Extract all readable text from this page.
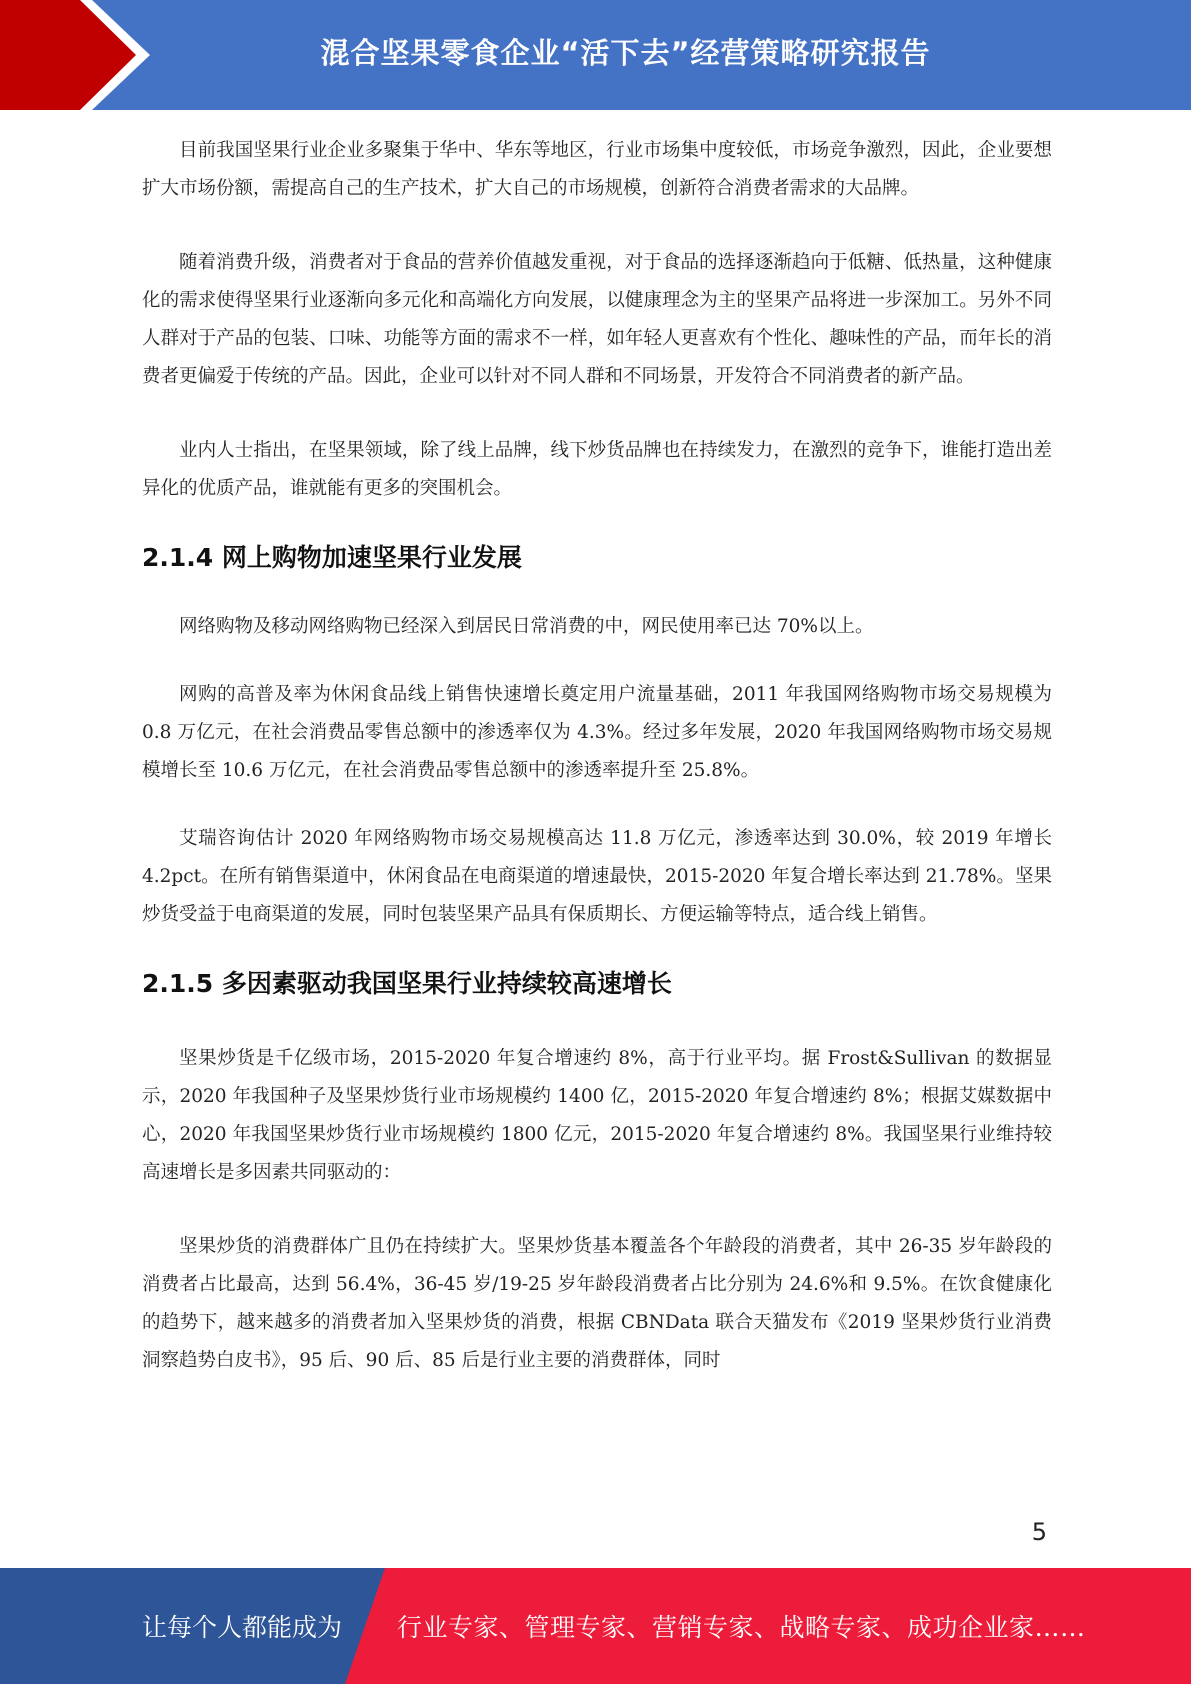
混合坚果零食企业“活下去”经营策略研究报告

目前我国坚果行业企业多聚集于华中、华东等地区，行业市场集中度较低，市场竞争激烈，因此，企业要想扩大市场份额，需提高自己的生产技术，扩大自己的市场规模，创新符合消费者需求的大品牌。

随着消费升级，消费者对于食品的营养价值越发重视，对于食品的选择逐渐趋向于低糖、低热量，这种健康化的需求使得坚果行业逐渐向多元化和高端化方向发展，以健康理念为主的坚果产品将进一步深加工。另外不同人群对于产品的包装、口味、功能等方面的需求不一样，如年轻人更喜欢有个性化、趣味性的产品，而年长的消费者更偏爱于传统的产品。因此，企业可以针对不同人群和不同场景，开发符合不同消费者的新产品。

业内人士指出，在坚果领域，除了线上品牌，线下炒货品牌也在持续发力，在激烈的竞争下，谁能打造出差异化的优质产品，谁就能有更多的突围机会。

2.1.4 网上购物加速坚果行业发展

网络购物及移动网络购物已经深入到居民日常消费的中，网民使用率已达 70%以上。

网购的高普及率为休闲食品线上销售快速增长奠定用户流量基础，2011 年我国网络购物市场交易规模为 0.8 万亿元，在社会消费品零售总额中的渗透率仅为 4.3%。经过多年发展，2020 年我国网络购物市场交易规模增长至 10.6 万亿元，在社会消费品零售总额中的渗透率提升至 25.8%。

艾瑞咨询估计 2020 年网络购物市场交易规模高达 11.8 万亿元，渗透率达到 30.0%，较 2019 年增长 4.2pct。在所有销售渠道中，休闲食品在电商渠道的增速最快，2015-2020 年复合增长率达到 21.78%。坚果炒货受益于电商渠道的发展，同时包装坚果产品具有保质期长、方便运输等特点，适合线上销售。

2.1.5 多因素驱动我国坚果行业持续较高速增长

坚果炒货是千亿级市场，2015-2020 年复合增速约 8%，高于行业平均。据 Frost&Sullivan 的数据显示，2020 年我国种子及坚果炒货行业市场规模约 1400 亿，2015-2020 年复合增速约 8%；根据艾媒数据中心，2020 年我国坚果炒货行业市场规模约 1800 亿元，2015-2020 年复合增速约 8%。我国坚果行业维持较高速增长是多因素共同驱动的：

坚果炒货的消费群体广且仍在持续扩大。坚果炒货基本覆盖各个年龄段的消费者，其中 26-35 岁年龄段的消费者占比最高，达到 56.4%，36-45 岁/19-25 岁年龄段消费者占比分别为 24.6%和 9.5%。在饮食健康化的趋势下，越来越多的消费者加入坚果炒货的消费，根据 CBNData 联合天猫发布《2019 坚果炒货行业消费洞察趋势白皮书》，95 后、90 后、85 后是行业主要的消费群体，同时

5
让每个人都能成为 行业专家、管理专家、营销专家、战略专家、成功企业家……
